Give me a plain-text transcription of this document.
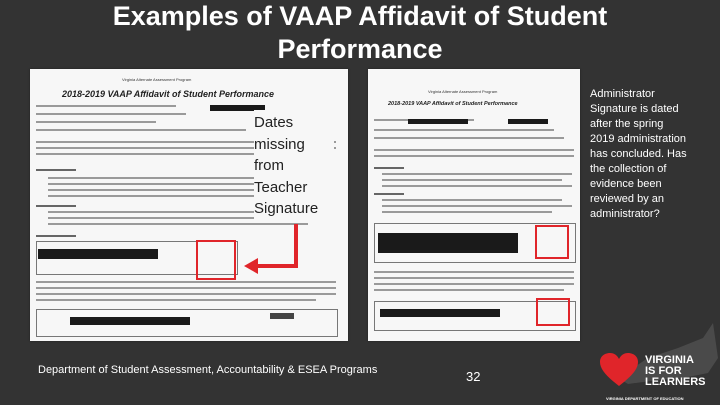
Examples of VAAP Affidavit of Student
Performance
Virginia Alternate Assessment Program
2018-2019 VAAP Affidavit of Student Performance	Virginia Alternate Assessment Program
2018-2019 VAAP Affidavit of Student Performance
Dates missing from Teacher Signature
Administrator Signature is dated after the spring 2019 administration has concluded. Has the collection of evidence been reviewed by an administrator?
Department of Student Assessment, Accountability & ESEA Programs	32
VIRGINIA
IS FOR
LEARNERS
VIRGINIA DEPARTMENT OF EDUCATION
